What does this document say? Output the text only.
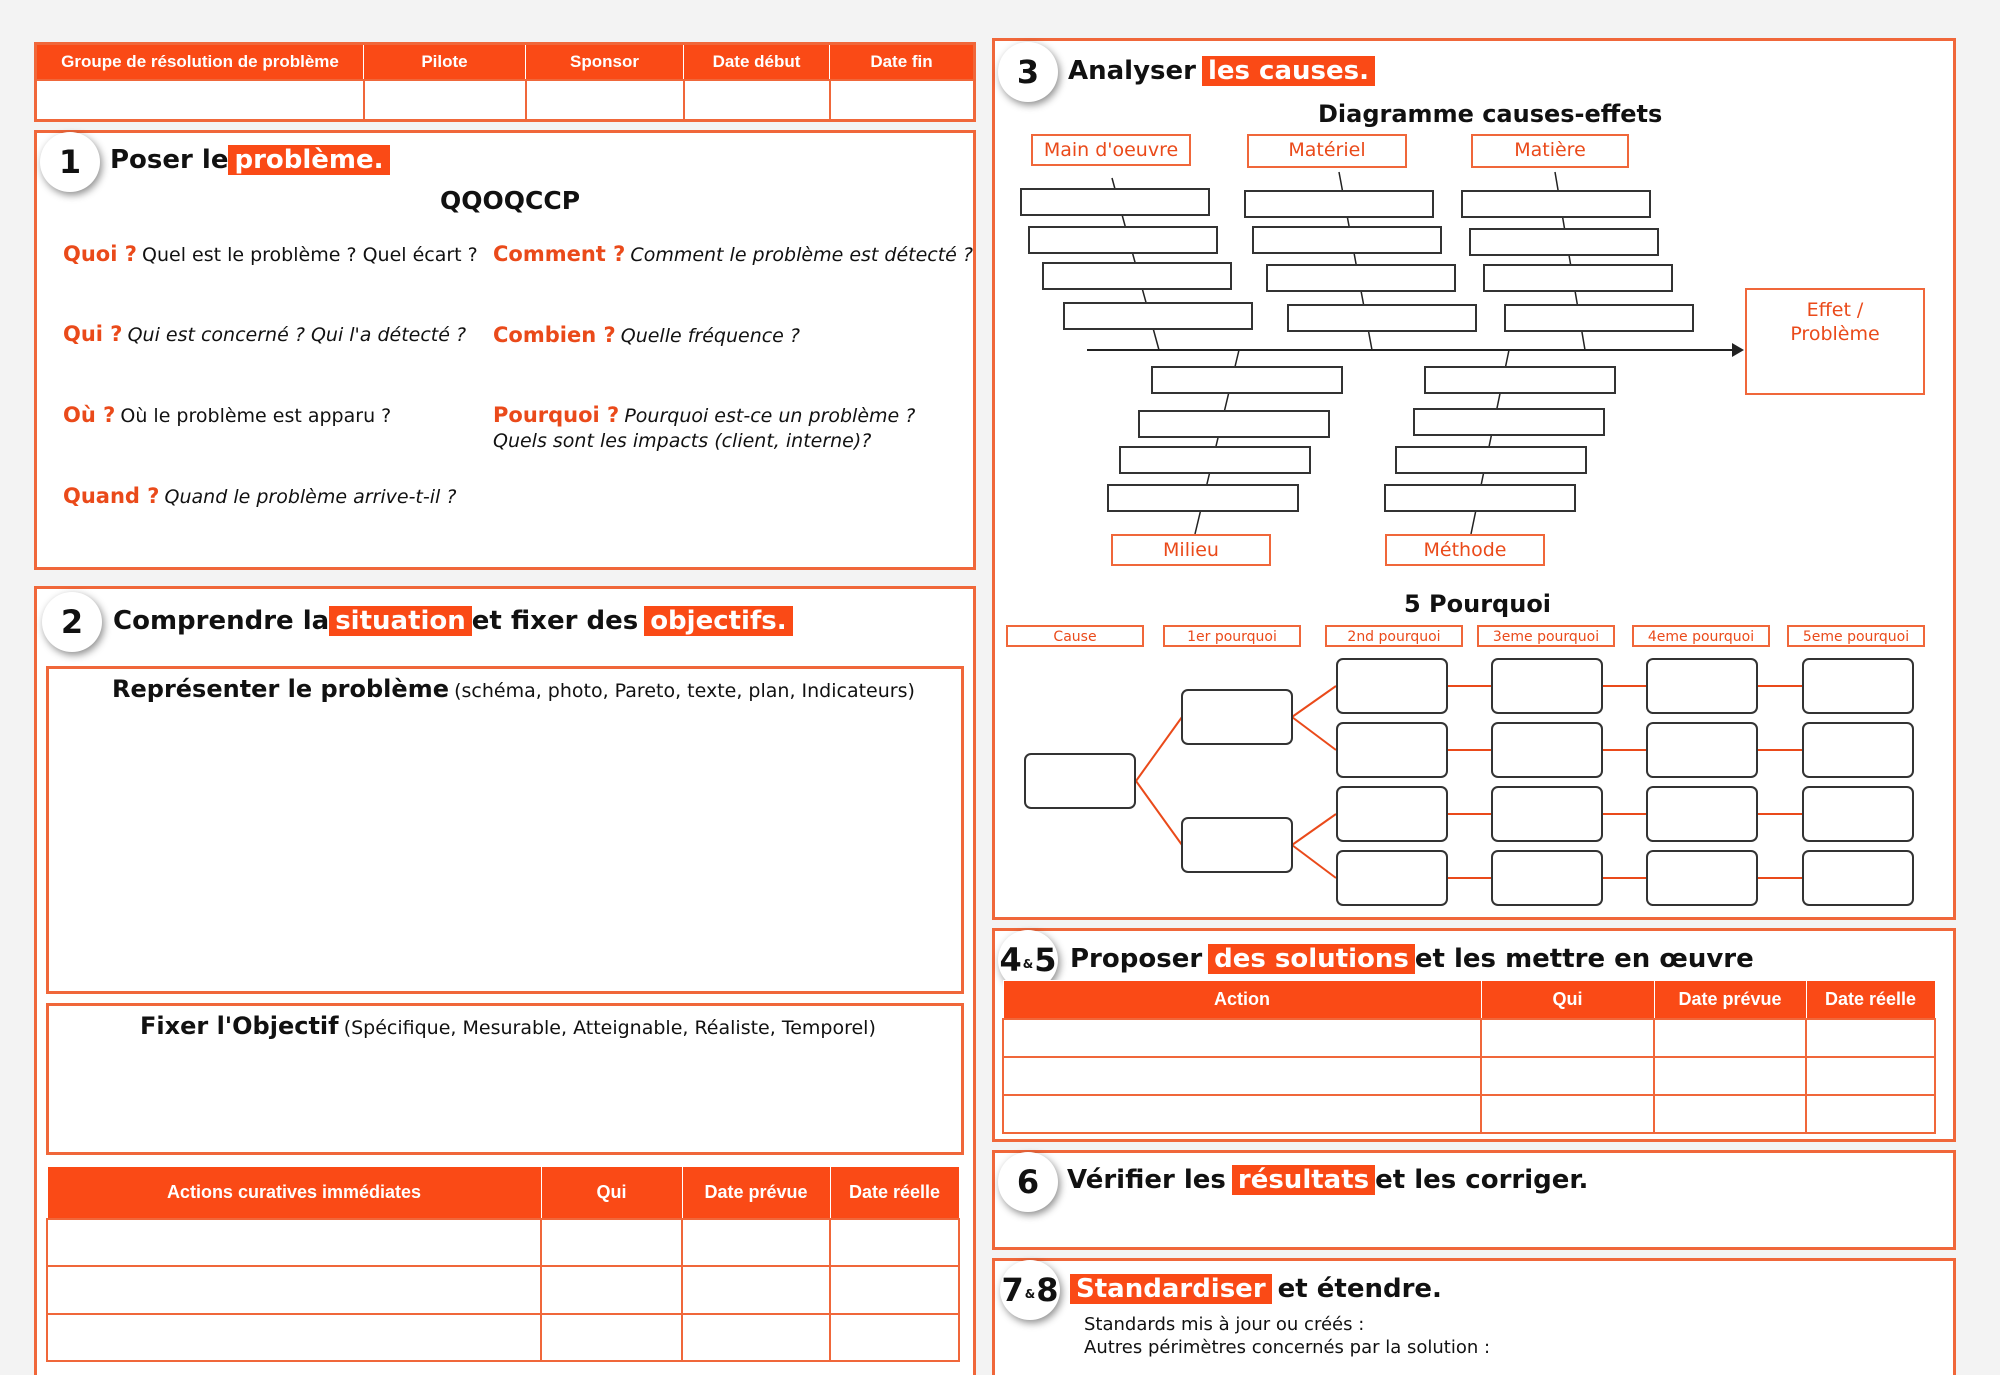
Groupe de résolution de problème	Pilote	Sponsor	Date début	Date fin

1	Poser le problème.
QQOQCCP
Quoi ? Quel est le problème ? Quel écart ? Comment ? Comment le problème est détecté ?
Qui ? Qui est concerné ? Qui l'a détecté ? Combien ? Quelle fréquence ?
Où ? Où le problème est apparu ?	Pourquoi ? Pourquoi est-ce un problème ?
Quels sont les impacts (client, interne)?
Quand ? Quand le problème arrive-t-il ?
2	Comprendre la situation et fixer des objectifs.
Représenter le problème (schéma, photo, Pareto, texte, plan, Indicateurs)
Fixer l'Objectif (Spécifique, Mesurable, Atteignable, Réaliste, Temporel)
Actions curatives immédiates	Qui	Date prévue	Date réelle

3	Analyser les causes.
Diagramme causes-effets
Main d'oeuvre	Matériel	Matière
Milieu	Méthode
Effet /
Problème
5 Pourquoi
Cause	1er pourquoi	2nd pourquoi	3eme pourquoi	4eme pourquoi	5eme pourquoi
4 & 5 Proposer des solutions et les mettre en œuvre
Action	Qui	Date prévue	Date réelle

6	Vérifier les résultats et les corriger.
7 & 8 Standardiser et étendre.
Standards mis à jour ou créés :
Autres périmètres concernés par la solution :
